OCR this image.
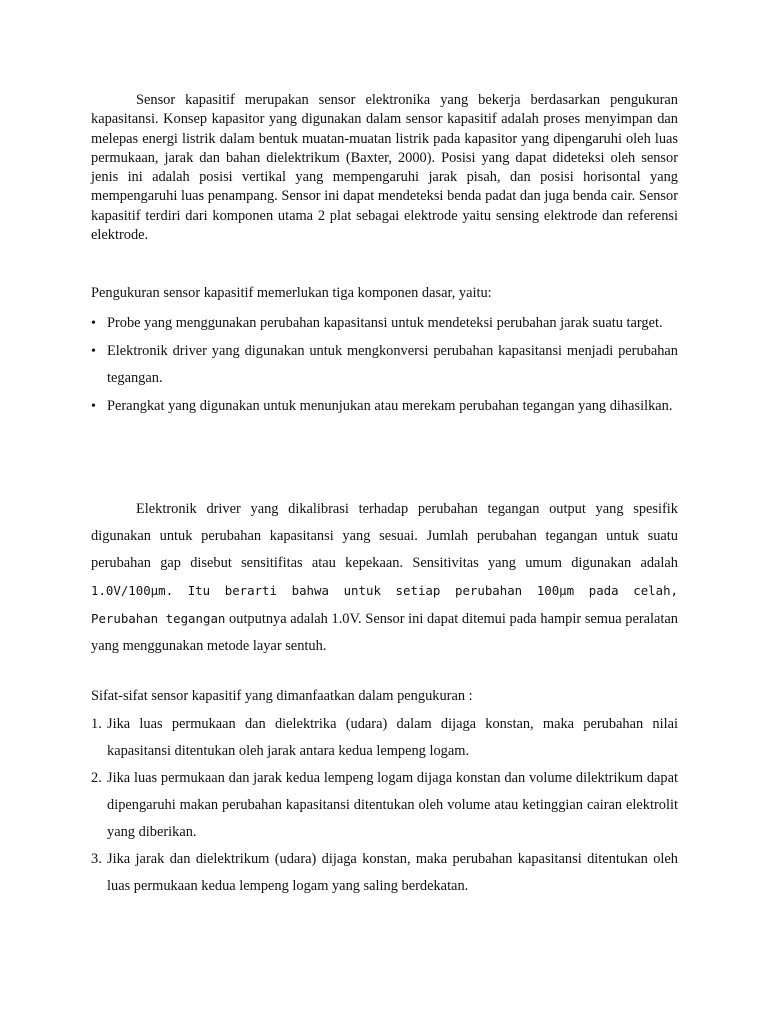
Sensor kapasitif merupakan sensor elektronika yang bekerja berdasarkan pengukuran kapasitansi. Konsep kapasitor yang digunakan dalam sensor kapasitif adalah proses menyimpan dan melepas energi listrik dalam bentuk muatan-muatan listrik pada kapasitor yang dipengaruhi oleh luas permukaan, jarak dan bahan dielektrikum (Baxter, 2000). Posisi yang dapat dideteksi oleh sensor jenis ini adalah posisi vertikal yang mempengaruhi jarak pisah, dan posisi horisontal yang mempengaruhi luas penampang. Sensor ini dapat mendeteksi benda padat dan juga benda cair. Sensor kapasitif terdiri dari komponen utama 2 plat sebagai elektrode yaitu sensing elektrode dan referensi elektrode.

Pengukuran sensor kapasitif memerlukan tiga komponen dasar, yaitu:

• Probe yang menggunakan perubahan kapasitansi untuk mendeteksi perubahan jarak suatu target.
• Elektronik driver yang digunakan untuk mengkonversi perubahan kapasitansi menjadi perubahan tegangan.
• Perangkat yang digunakan untuk menunjukan atau merekam perubahan tegangan yang dihasilkan.

Elektronik driver yang dikalibrasi terhadap perubahan tegangan output yang spesifik digunakan untuk perubahan kapasitansi yang sesuai. Jumlah perubahan tegangan untuk suatu perubahan gap disebut sensitifitas atau kepekaan. Sensitivitas yang umum digunakan adalah 1.0V/100µm. Itu berarti bahwa untuk setiap perubahan 100µm pada celah, Perubahan tegangan outputnya adalah 1.0V. Sensor ini dapat ditemui pada hampir semua peralatan yang menggunakan metode layar sentuh.

Sifat-sifat sensor kapasitif yang dimanfaatkan dalam pengukuran :

1. Jika luas permukaan dan dielektrika (udara) dalam dijaga konstan, maka perubahan nilai kapasitansi ditentukan oleh jarak antara kedua lempeng logam.
2. Jika luas permukaan dan jarak kedua lempeng logam dijaga konstan dan volume dilektrikum dapat dipengaruhi makan perubahan kapasitansi ditentukan oleh volume atau ketinggian cairan elektrolit yang diberikan.
3. Jika jarak dan dielektrikum (udara) dijaga konstan, maka perubahan kapasitansi ditentukan oleh luas permukaan kedua lempeng logam yang saling berdekatan.
